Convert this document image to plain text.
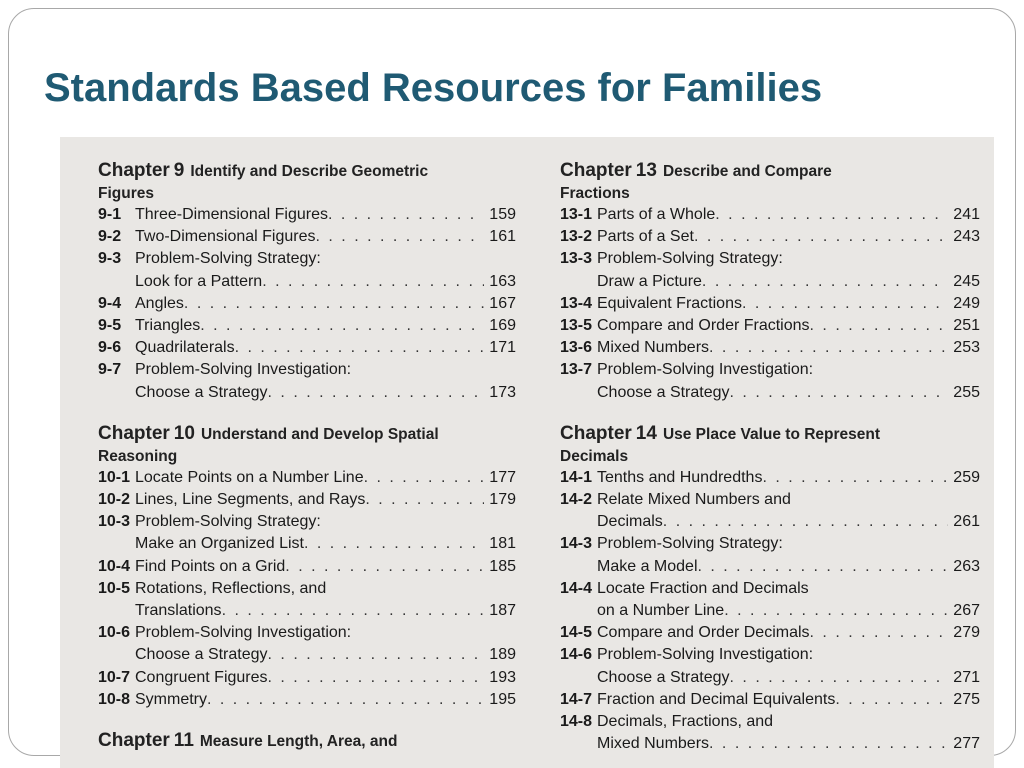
Standards Based Resources for Families
Chapter 9 Identify and Describe Geometric
Figures
9-1 Three-Dimensional Figures . . .	159
9-2 Two-Dimensional Figures . . .	161
9-3 Problem-Solving Strategy:
Look for a Pattern . . .	163
9-4 Angles . . .	167
9-5 Triangles . . .	169
9-6 Quadrilaterals . . .	171
9-7 Problem-Solving Investigation:
Choose a Strategy . . .	173
Chapter 10 Understand and Develop Spatial
Reasoning
10-1 Locate Points on a Number Line . . .	177
10-2 Lines, Line Segments, and Rays . . .	179
10-3 Problem-Solving Strategy:
Make an Organized List . . .	181
10-4 Find Points on a Grid . . .	185
10-5 Rotations, Reflections, and
Translations . . .	187
10-6 Problem-Solving Investigation:
Choose a Strategy . . .	189
10-7 Congruent Figures . . .	193
10-8 Symmetry . . .	195
Chapter 11 Measure Length, Area, and
Chapter 13 Describe and Compare
Fractions
13-1 Parts of a Whole . . .	241
13-2 Parts of a Set . . .	243
13-3 Problem-Solving Strategy:
Draw a Picture . . .	245
13-4 Equivalent Fractions . . .	249
13-5 Compare and Order Fractions . . .	251
13-6 Mixed Numbers . . .	253
13-7 Problem-Solving Investigation:
Choose a Strategy . . .	255
Chapter 14 Use Place Value to Represent
Decimals
14-1 Tenths and Hundredths . . .	259
14-2 Relate Mixed Numbers and
Decimals . . .	261
14-3 Problem-Solving Strategy:
Make a Model . . .	263
14-4 Locate Fraction and Decimals
on a Number Line . . .	267
14-5 Compare and Order Decimals . . .	279
14-6 Problem-Solving Investigation:
Choose a Strategy . . .	271
14-7 Fraction and Decimal Equivalents . . .	275
14-8 Decimals, Fractions, and
Mixed Numbers . . .	277
